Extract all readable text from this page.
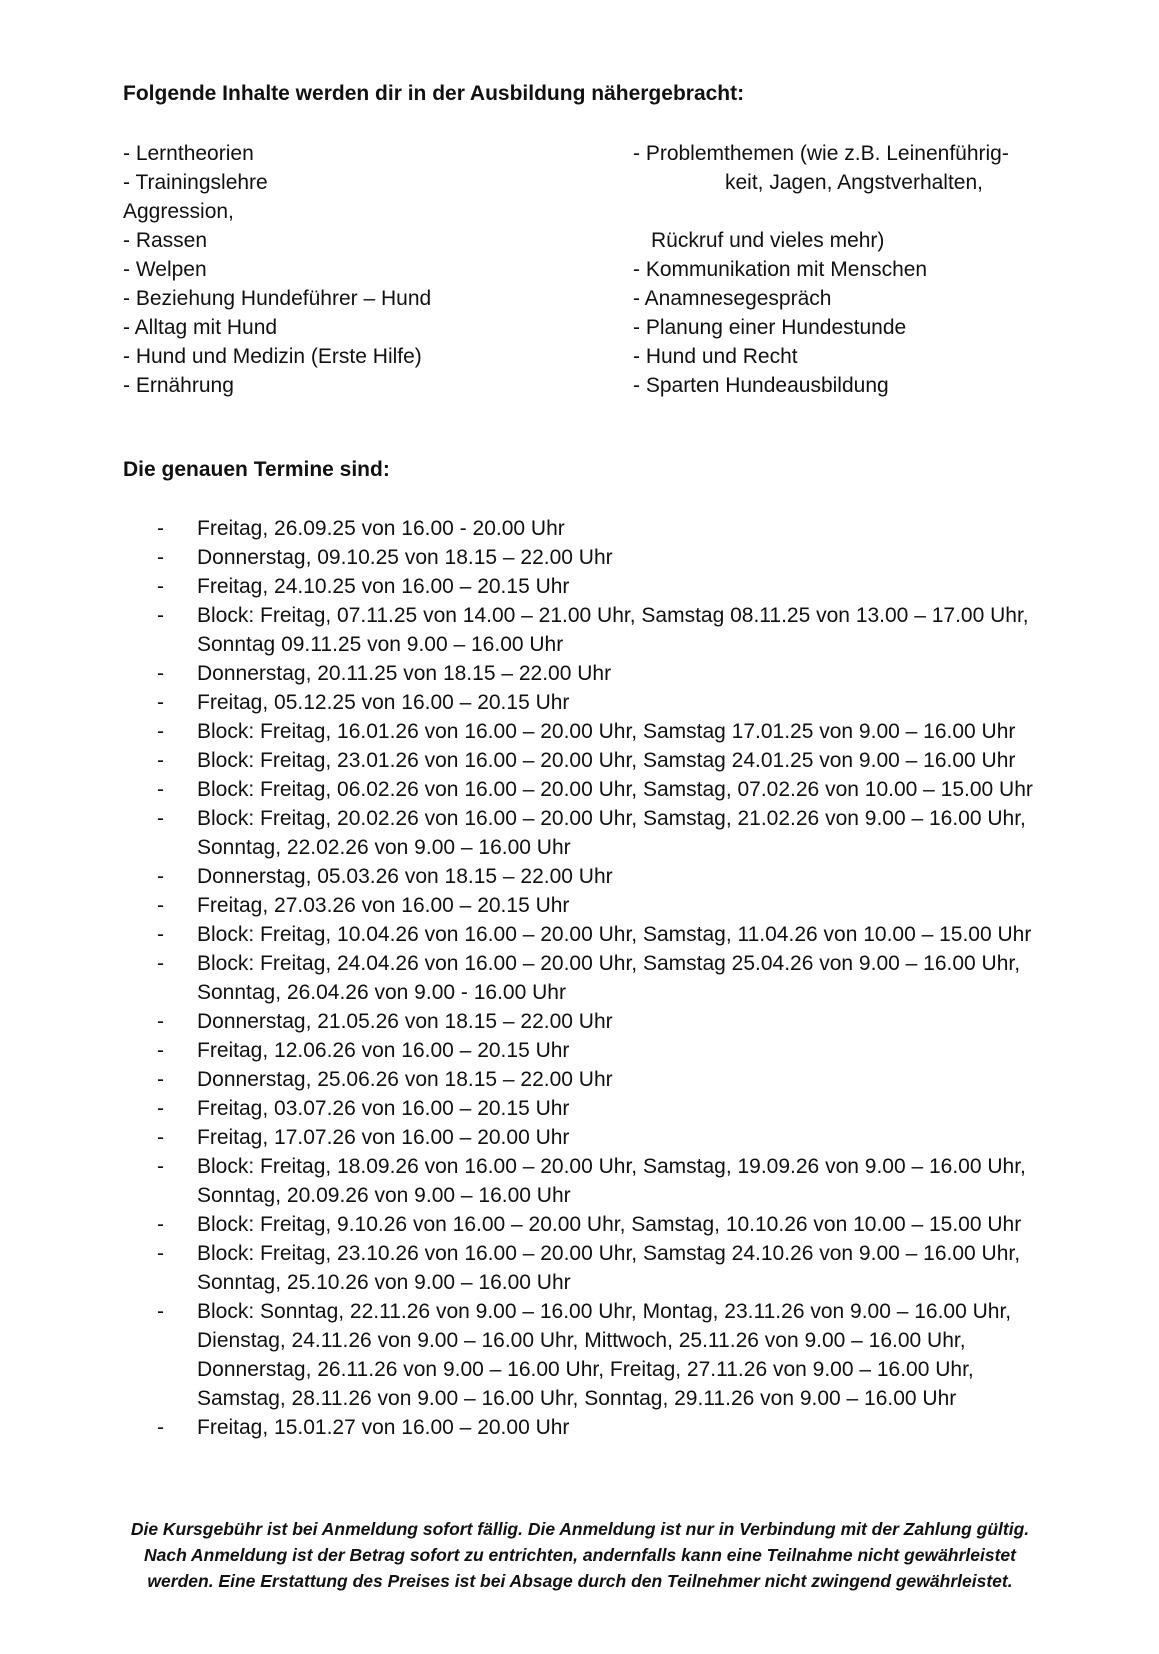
Folgende Inhalte werden dir in der Ausbildung nähergebracht:
- Lerntheorien
- Trainingslehre
Aggression,
- Rassen
- Welpen
- Beziehung Hundeführer – Hund
- Alltag mit Hund
- Hund und Medizin (Erste Hilfe)
- Ernährung
- Problemthemen (wie z.B. Leinenführig-
keit, Jagen, Angstverhalten,
Rückruf und vieles mehr)
- Kommunikation mit Menschen
- Anamnesegespräch
- Planung einer Hundestunde
- Hund und Recht
- Sparten Hundeausbildung
Die genauen Termine sind:
- Freitag, 26.09.25 von 16.00 - 20.00 Uhr
- Donnerstag, 09.10.25 von 18.15 – 22.00 Uhr
- Freitag, 24.10.25 von 16.00 – 20.15 Uhr
- Block: Freitag, 07.11.25 von 14.00 – 21.00 Uhr, Samstag 08.11.25 von 13.00 – 17.00 Uhr,
Sonntag 09.11.25 von 9.00 – 16.00 Uhr
- Donnerstag, 20.11.25 von 18.15 – 22.00 Uhr
- Freitag, 05.12.25 von 16.00 – 20.15 Uhr
- Block: Freitag, 16.01.26 von 16.00 – 20.00 Uhr, Samstag 17.01.25 von 9.00 – 16.00 Uhr
- Block: Freitag, 23.01.26 von 16.00 – 20.00 Uhr, Samstag 24.01.25 von 9.00 – 16.00 Uhr
- Block: Freitag, 06.02.26 von 16.00 – 20.00 Uhr, Samstag, 07.02.26 von 10.00 – 15.00 Uhr
- Block: Freitag, 20.02.26 von 16.00 – 20.00 Uhr, Samstag, 21.02.26 von 9.00 – 16.00 Uhr,
Sonntag, 22.02.26 von 9.00 – 16.00 Uhr
- Donnerstag, 05.03.26 von 18.15 – 22.00 Uhr
- Freitag, 27.03.26 von 16.00 – 20.15 Uhr
- Block: Freitag, 10.04.26 von 16.00 – 20.00 Uhr, Samstag, 11.04.26 von 10.00 – 15.00 Uhr
- Block: Freitag, 24.04.26 von 16.00 – 20.00 Uhr, Samstag 25.04.26 von 9.00 – 16.00 Uhr,
Sonntag, 26.04.26 von 9.00 - 16.00 Uhr
- Donnerstag, 21.05.26 von 18.15 – 22.00 Uhr
- Freitag, 12.06.26 von 16.00 – 20.15 Uhr
- Donnerstag, 25.06.26 von 18.15 – 22.00 Uhr
- Freitag, 03.07.26 von 16.00 – 20.15 Uhr
- Freitag, 17.07.26 von 16.00 – 20.00 Uhr
- Block: Freitag, 18.09.26 von 16.00 – 20.00 Uhr, Samstag, 19.09.26 von 9.00 – 16.00 Uhr,
Sonntag, 20.09.26 von 9.00 – 16.00 Uhr
- Block: Freitag, 9.10.26 von 16.00 – 20.00 Uhr, Samstag, 10.10.26 von 10.00 – 15.00 Uhr
- Block: Freitag, 23.10.26 von 16.00 – 20.00 Uhr, Samstag 24.10.26 von 9.00 – 16.00 Uhr,
Sonntag, 25.10.26 von 9.00 – 16.00 Uhr
- Block: Sonntag, 22.11.26 von 9.00 – 16.00 Uhr, Montag, 23.11.26 von 9.00 – 16.00 Uhr,
Dienstag, 24.11.26 von 9.00 – 16.00 Uhr, Mittwoch, 25.11.26 von 9.00 – 16.00 Uhr,
Donnerstag, 26.11.26 von 9.00 – 16.00 Uhr, Freitag, 27.11.26 von 9.00 – 16.00 Uhr,
Samstag, 28.11.26 von 9.00 – 16.00 Uhr, Sonntag, 29.11.26 von 9.00 – 16.00 Uhr
- Freitag, 15.01.27 von 16.00 – 20.00 Uhr
Die Kursgebühr ist bei Anmeldung sofort fällig. Die Anmeldung ist nur in Verbindung mit der Zahlung gültig.
Nach Anmeldung ist der Betrag sofort zu entrichten, andernfalls kann eine Teilnahme nicht gewährleistet
werden. Eine Erstattung des Preises ist bei Absage durch den Teilnehmer nicht zwingend gewährleistet.
